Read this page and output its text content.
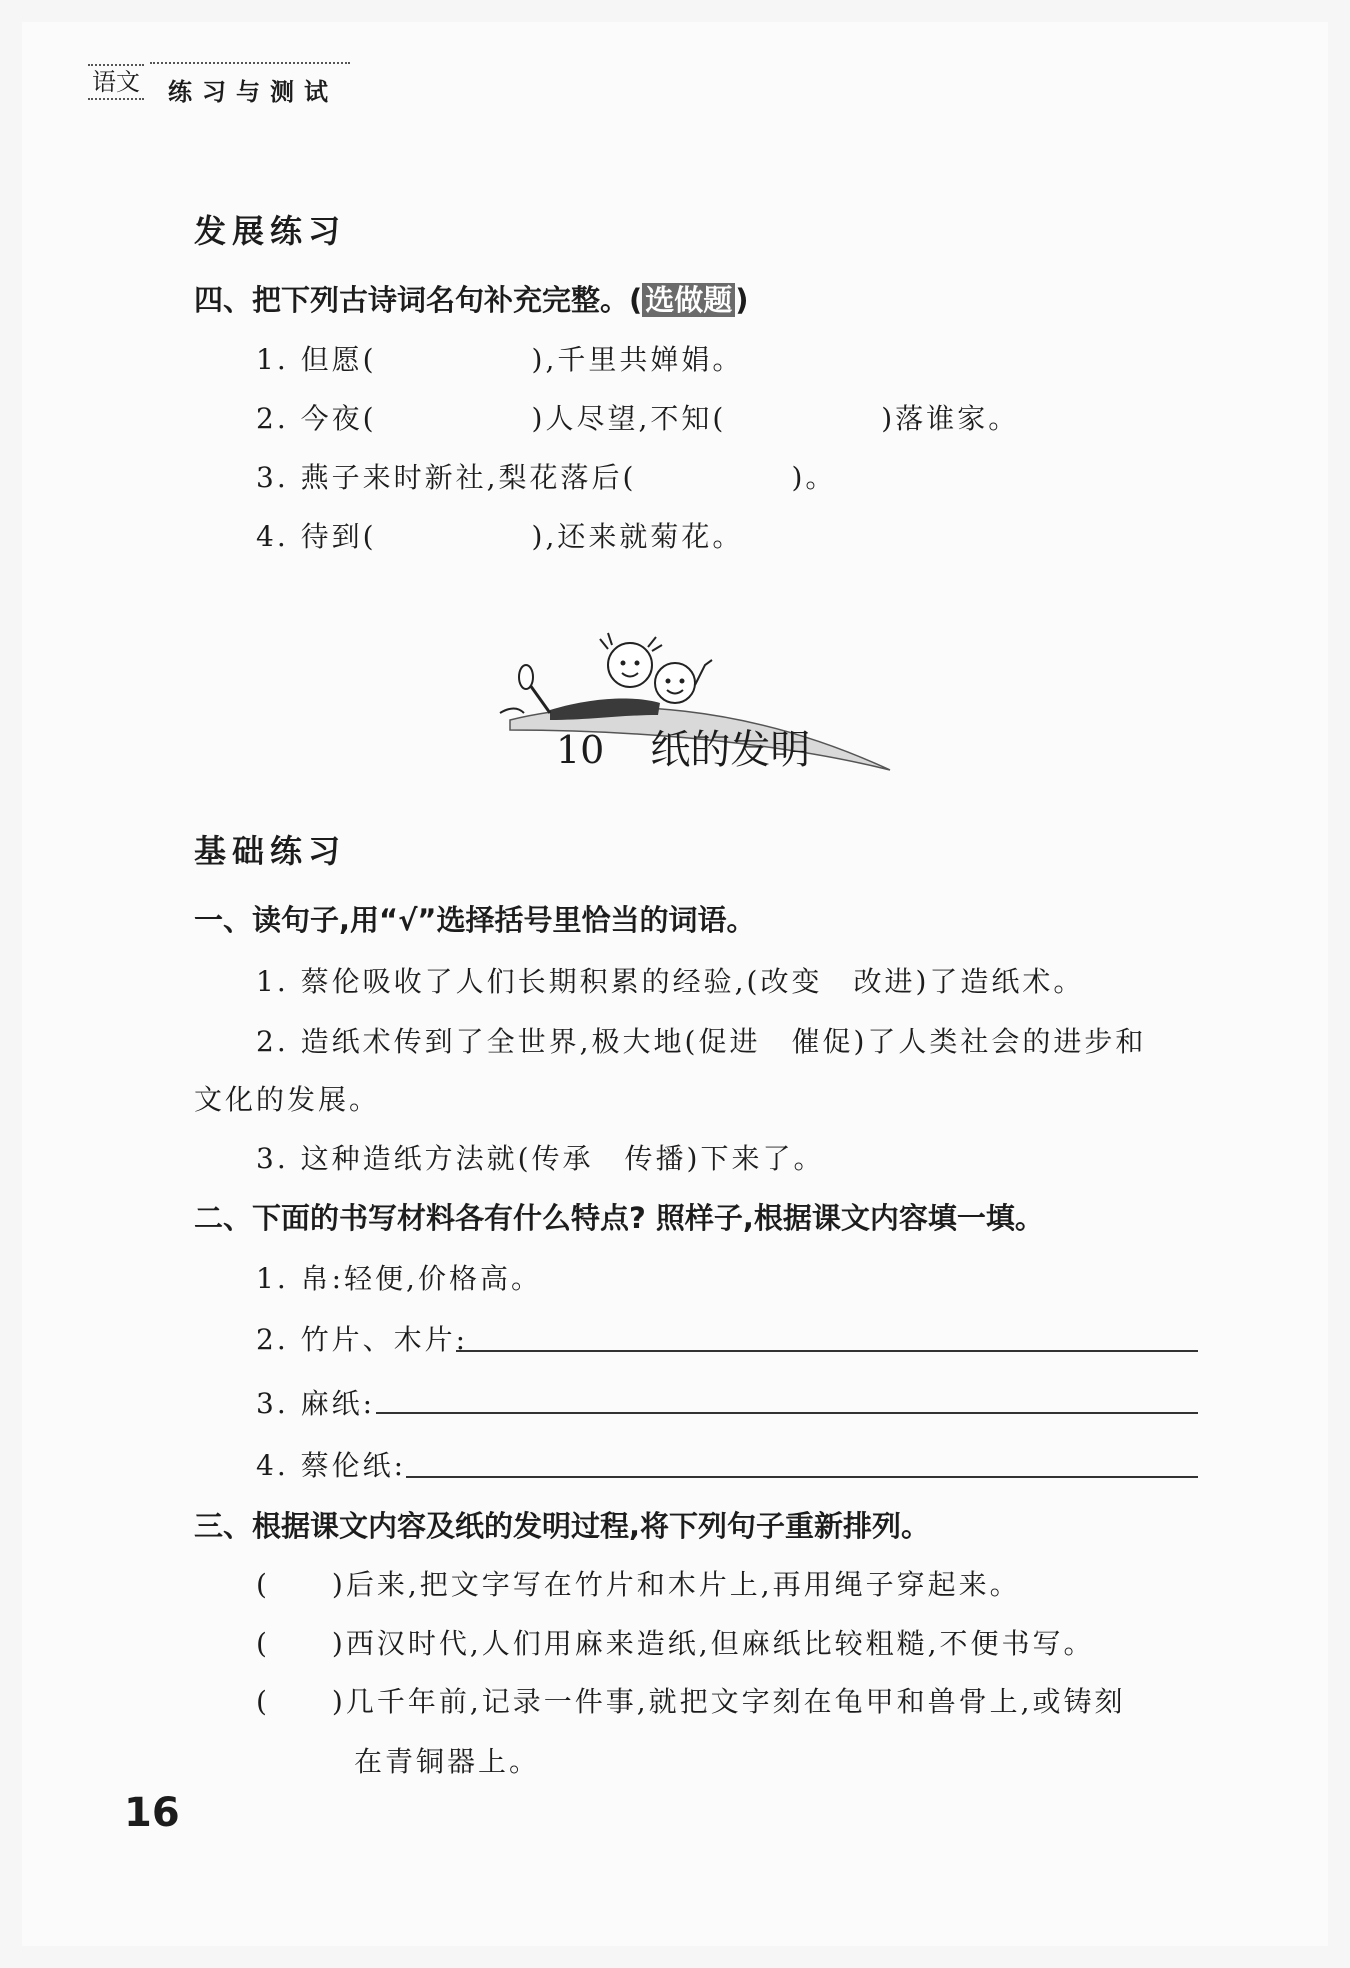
语文 练习与测试
发展练习
四、把下列古诗词名句补充完整。( 选做题 )
1. 但愿(　　　　　),千里共婵娟。
2. 今夜(　　　　　)人尽望,不知(　　　　　)落谁家。
3. 燕子来时新社,梨花落后(　　　　　)。
4. 待到(　　　　　),还来就菊花。
10 纸的发明
基础练习
一、读句子,用“√”选择括号里恰当的词语。
1. 蔡伦吸收了人们长期积累的经验,(改变　改进)了造纸术。
2. 造纸术传到了全世界,极大地(促进　催促)了人类社会的进步和
文化的发展。
3. 这种造纸方法就(传承　传播)下来了。
二、下面的书写材料各有什么特点? 照样子,根据课文内容填一填。
1. 帛:轻便,价格高。
2. 竹片、木片:
3. 麻纸:
4. 蔡伦纸:
三、根据课文内容及纸的发明过程,将下列句子重新排列。
(　　)后来,把文字写在竹片和木片上,再用绳子穿起来。
(　　)西汉时代,人们用麻来造纸,但麻纸比较粗糙,不便书写。
(　　)几千年前,记录一件事,就把文字刻在龟甲和兽骨上,或铸刻
在青铜器上。
16
